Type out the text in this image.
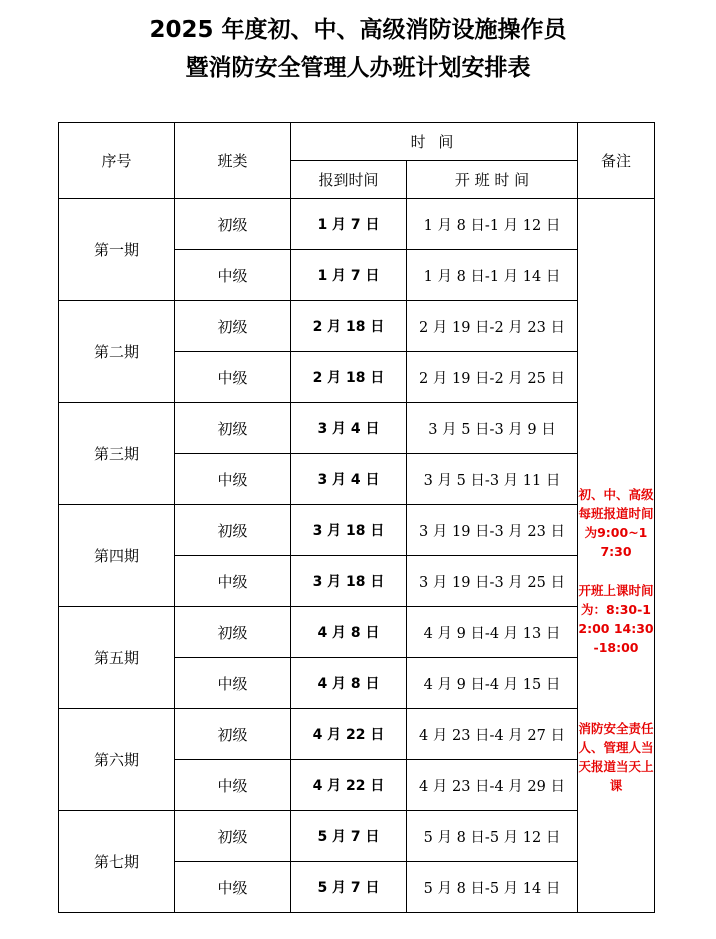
2025 年度初、中、高级消防设施操作员
暨消防安全管理人办班计划安排表
序号	班类	时 间		备注
		报到时间	开 班 时 间	
第一期	初级	1 月 7 日	1 月 8 日-1 月 12 日	初、中、高级每班报道时间为9:00~17:30
开班上课时间为：8:30-12:00 14:30-18:00
消防安全责任人、管理人当天报道当天上课

	中级	1 月 7 日	1 月 8 日-1 月 14 日	
第二期	初级	2 月 18 日	2 月 19 日-2 月 23 日	
	中级	2 月 18 日	2 月 19 日-2 月 25 日	
第三期	初级	3 月 4 日	3 月 5 日-3 月 9 日	
	中级	3 月 4 日	3 月 5 日-3 月 11 日	
第四期	初级	3 月 18 日	3 月 19 日-3 月 23 日	
	中级	3 月 18 日	3 月 19 日-3 月 25 日	
第五期	初级	4 月 8 日	4 月 9 日-4 月 13 日	
	中级	4 月 8 日	4 月 9 日-4 月 15 日	
第六期	初级	4 月 22 日	4 月 23 日-4 月 27 日	
	中级	4 月 22 日	4 月 23 日-4 月 29 日	
第七期	初级	5 月 7 日	5 月 8 日-5 月 12 日	
	中级	5 月 7 日	5 月 8 日-5 月 14 日	
